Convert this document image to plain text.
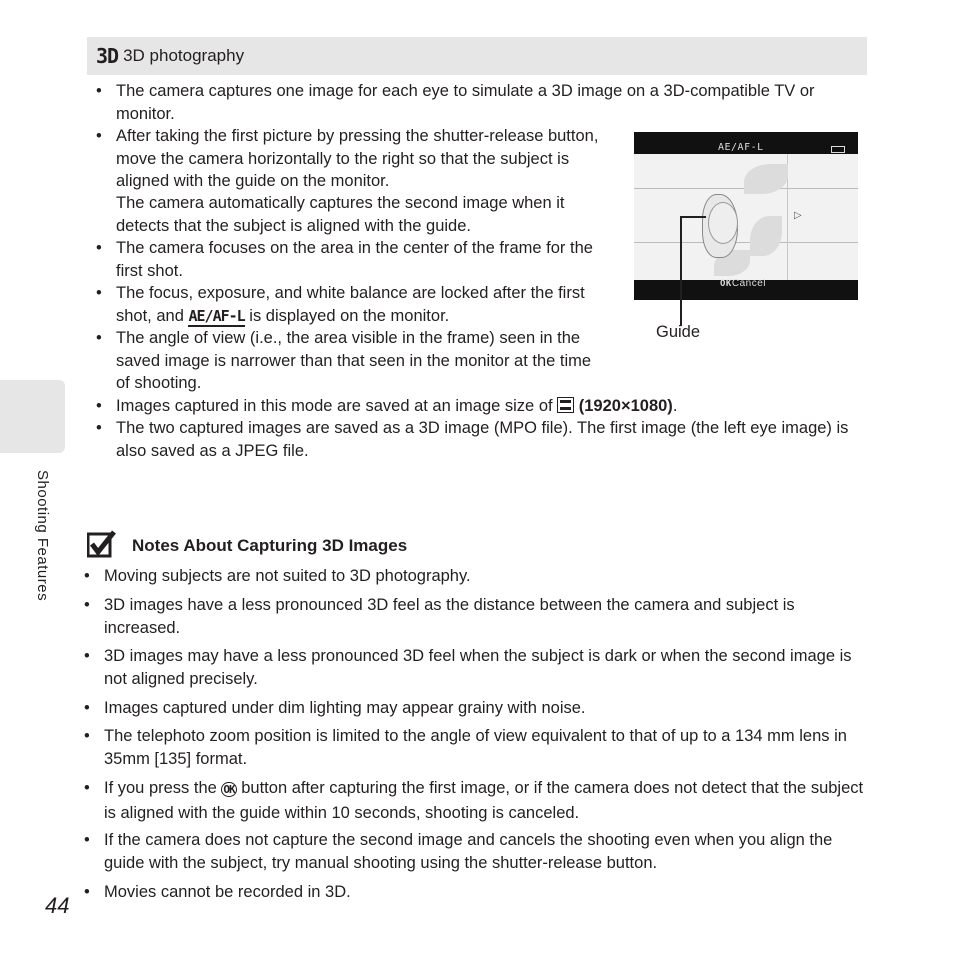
3D 3D photography
• The camera captures one image for each eye to simulate a 3D image on a 3D-compatible TV or monitor.
• After taking the first picture by pressing the shutter-release button, move the camera horizontally to the right so that the subject is aligned with the guide on the monitor.
The camera automatically captures the second image when it detects that the subject is aligned with the guide.
• The camera focuses on the area in the center of the frame for the first shot.
• The focus, exposure, and white balance are locked after the first shot, and AE/AF-L is displayed on the monitor.
• The angle of view (i.e., the area visible in the frame) seen in the saved image is narrower than that seen in the monitor at the time of shooting.
• Images captured in this mode are saved at an image size of  (1920×1080).
• The two captured images are saved as a 3D image (MPO file). The first image (the left eye image) is also saved as a JPEG file.
AE/AF-L
▷
OKCancel
Guide
Notes About Capturing 3D Images
• Moving subjects are not suited to 3D photography.
• 3D images have a less pronounced 3D feel as the distance between the camera and subject is increased.
• 3D images may have a less pronounced 3D feel when the subject is dark or when the second image is not aligned precisely.
• Images captured under dim lighting may appear grainy with noise.
• The telephoto zoom position is limited to the angle of view equivalent to that of up to a 134 mm lens in 35mm [135] format.
• If you press the OK button after capturing the first image, or if the camera does not detect that the subject is aligned with the guide within 10 seconds, shooting is canceled.
• If the camera does not capture the second image and cancels the shooting even when you align the guide with the subject, try manual shooting using the shutter-release button.
• Movies cannot be recorded in 3D.
Shooting Features
44
